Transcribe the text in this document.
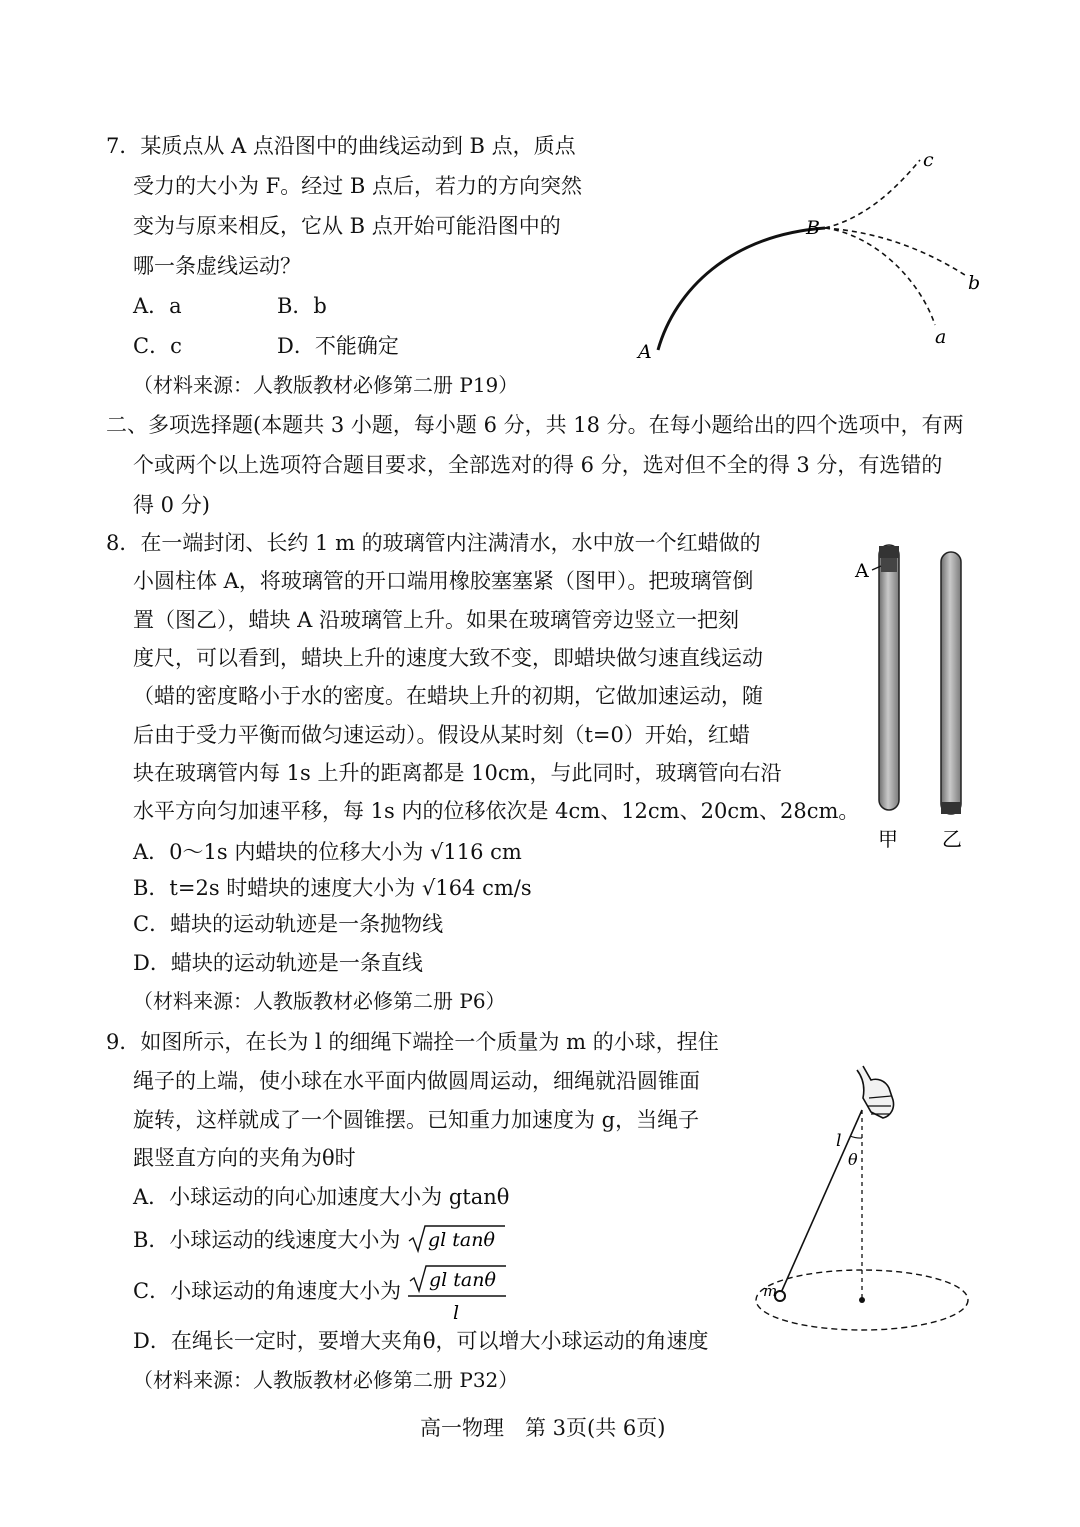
7．某质点从 A 点沿图中的曲线运动到 B 点，质点
受力的大小为 F。经过 B 点后，若力的方向突然
变为与原来相反，它从 B 点开始可能沿图中的
哪一条虚线运动？
A．a	B．b
C．c	D．不能确定
（材料来源：人教版教材必修第二册 P19）
A
B
c
b
a
二、多项选择题(本题共 3 小题，每小题 6 分，共 18 分。在每小题给出的四个选项中，有两
个或两个以上选项符合题目要求，全部选对的得 6 分，选对但不全的得 3 分，有选错的
得 0 分)
8．在一端封闭、长约 1 m 的玻璃管内注满清水，水中放一个红蜡做的
小圆柱体 A，将玻璃管的开口端用橡胶塞塞紧（图甲）。把玻璃管倒
置（图乙），蜡块 A 沿玻璃管上升。如果在玻璃管旁边竖立一把刻
度尺，可以看到，蜡块上升的速度大致不变，即蜡块做匀速直线运动
（蜡的密度略小于水的密度。在蜡块上升的初期，它做加速运动，随
后由于受力平衡而做匀速运动）。假设从某时刻（t=0）开始，红蜡
块在玻璃管内每 1s 上升的距离都是 10cm，与此同时，玻璃管向右沿
水平方向匀加速平移，每 1s 内的位移依次是 4cm、12cm、20cm、28cm。
A．0～1s 内蜡块的位移大小为 √116 cm
B．t=2s 时蜡块的速度大小为 √164 cm/s
C．蜡块的运动轨迹是一条抛物线
D．蜡块的运动轨迹是一条直线
（材料来源：人教版教材必修第二册 P6）
A
甲 乙
9．如图所示，在长为 l 的细绳下端拴一个质量为 m 的小球，捏住
绳子的上端，使小球在水平面内做圆周运动，细绳就沿圆锥面
旋转，这样就成了一个圆锥摆。已知重力加速度为 g，当绳子
跟竖直方向的夹角为θ时
A．小球运动的向心加速度大小为 gtanθ
B．小球运动的线速度大小为 gl tanθ
C．小球运动的角速度大小为 gl tanθ
l
D．在绳长一定时，要增大夹角θ，可以增大小球运动的角速度
（材料来源：人教版教材必修第二册 P32）
l
θ
m
高一物理　第 3页(共 6页)
